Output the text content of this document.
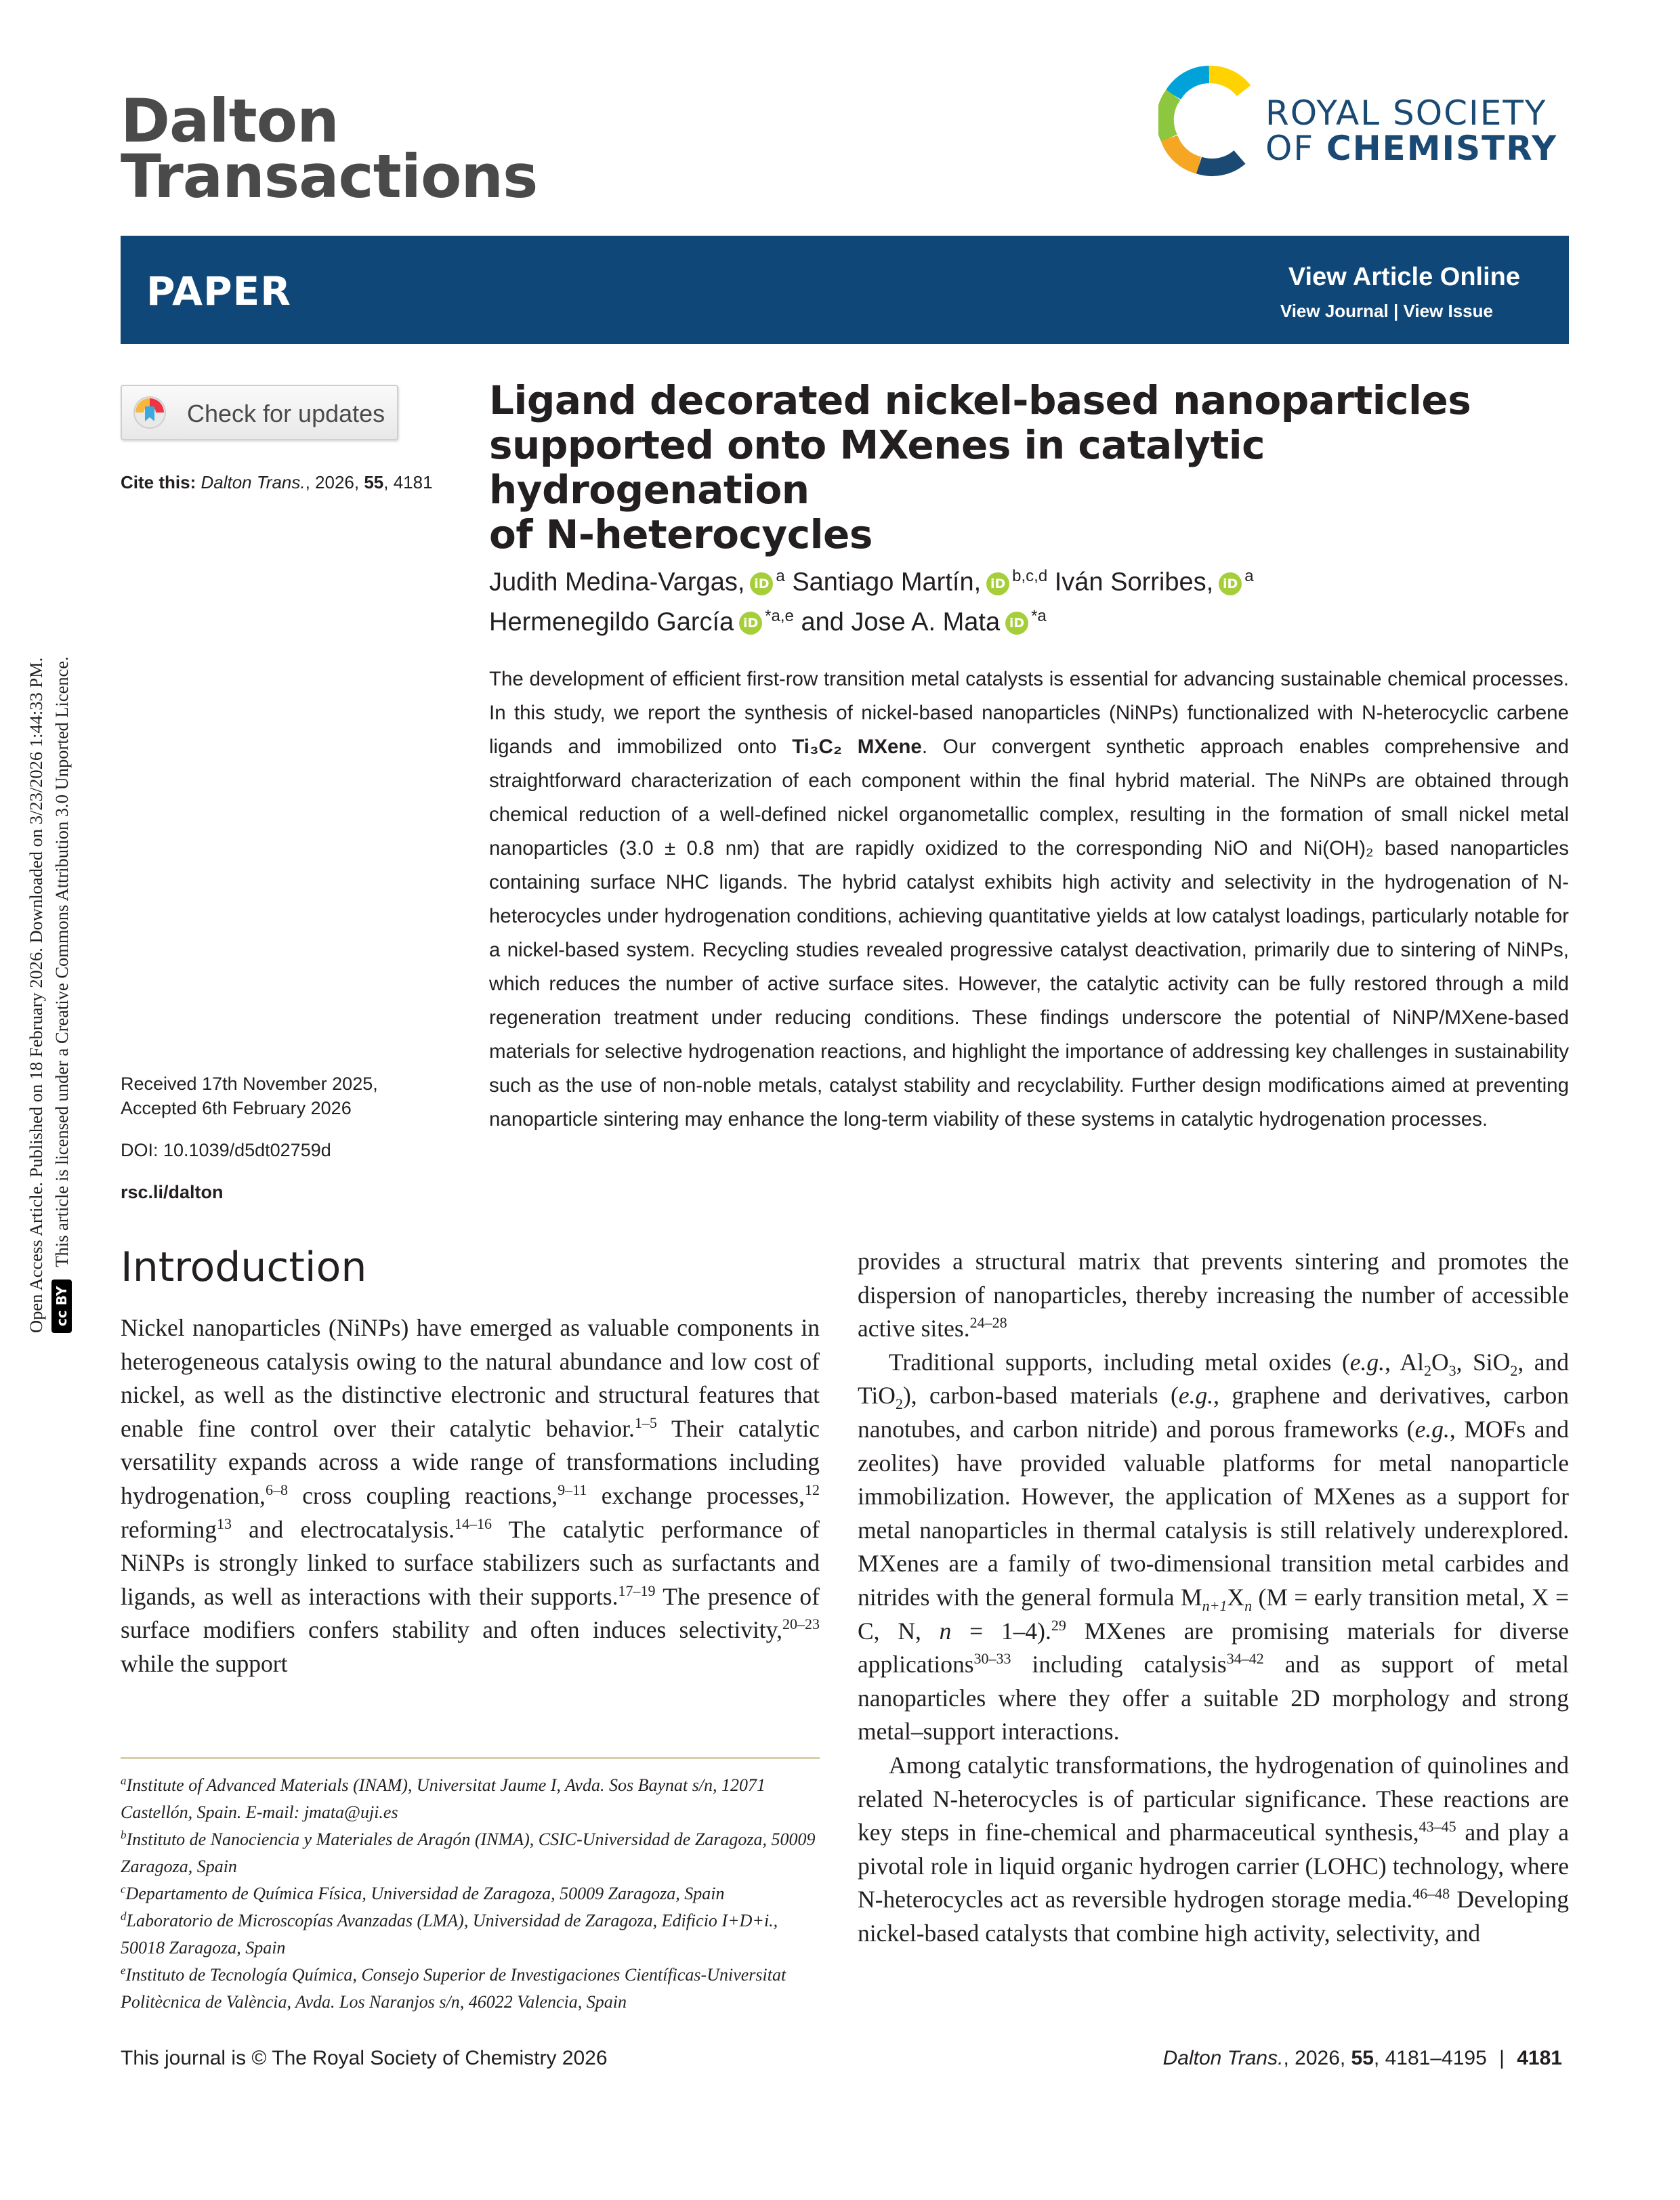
Dalton
Transactions
ROYAL SOCIETY
OF CHEMISTRY
PAPER	View Article Online
View Journal | View Issue
Check for updates
Cite this: Dalton Trans., 2026, 55, 4181
Ligand decorated nickel-based nanoparticles
supported onto MXenes in catalytic hydrogenation
of N-heterocycles
Judith Medina-Vargas, iD $^a$ Santiago Martín, iD $^{b,c,d}$ Iván Sorribes, iD $^a$
Hermenegildo García iD $^{*a,e}$ and Jose A. Mata iD $^{*a}$
The development of efficient first-row transition metal catalysts is essential for advancing sustainable chemical processes. In this study, we report the synthesis of nickel-based nanoparticles (NiNPs) functionalized with N-heterocyclic carbene ligands and immobilized onto Ti₃C₂ MXene. Our convergent synthetic approach enables comprehensive and straightforward characterization of each component within the final hybrid material. The NiNPs are obtained through chemical reduction of a well-defined nickel organometallic complex, resulting in the formation of small nickel metal nanoparticles (3.0 ± 0.8 nm) that are rapidly oxidized to the corresponding NiO and Ni(OH)₂ based nanoparticles containing surface NHC ligands. The hybrid catalyst exhibits high activity and selectivity in the hydrogenation of N-heterocycles under hydrogenation conditions, achieving quantitative yields at low catalyst loadings, particularly notable for a nickel-based system. Recycling studies revealed progressive catalyst deactivation, primarily due to sintering of NiNPs, which reduces the number of active surface sites. However, the catalytic activity can be fully restored through a mild regeneration treatment under reducing conditions. These findings underscore the potential of NiNP/MXene-based materials for selective hydrogenation reactions, and highlight the importance of addressing key challenges in sustainability such as the use of non-noble metals, catalyst stability and recyclability. Further design modifications aimed at preventing nanoparticle sintering may enhance the long-term viability of these systems in catalytic hydrogenation processes.
Received 17th November 2025,
Accepted 6th February 2026
DOI: 10.1039/d5dt02759d
rsc.li/dalton
Open Access Article. Published on 18 February 2026. Downloaded on 3/23/2026 1:44:33 PM. cc BYThis article is licensed under a Creative Commons Attribution 3.0 Unported Licence.
Introduction

Nickel nanoparticles (NiNPs) have emerged as valuable components in heterogeneous catalysis owing to the natural abundance and low cost of nickel, as well as the distinctive electronic and structural features that enable fine control over their catalytic behavior.$^{1-5}$ Their catalytic versatility expands across a wide range of transformations including hydrogenation,$^{6-8}$ cross coupling reactions,$^{9-11}$ exchange processes,$^{12}$ reforming$^{13}$ and electrocatalysis.$^{14-16}$ The catalytic performance of NiNPs is strongly linked to surface stabilizers such as surfactants and ligands, as well as interactions with their supports.$^{17-19}$ The presence of surface modifiers confers stability and often induces selectivity,$^{20-23}$ while the support

$^a$Institute of Advanced Materials (INAM), Universitat Jaume I, Avda. Sos Baynat s/n, 12071 Castellón, Spain. E-mail: jmata@uji.es
$^b$Instituto de Nanociencia y Materiales de Aragón (INMA), CSIC-Universidad de Zaragoza, 50009 Zaragoza, Spain
$^c$Departamento de Química Física, Universidad de Zaragoza, 50009 Zaragoza, Spain
$^d$Laboratorio de Microscopías Avanzadas (LMA), Universidad de Zaragoza, Edificio I+D+i., 50018 Zaragoza, Spain
$^e$Instituto de Tecnología Química, Consejo Superior de Investigaciones Científicas-Universitat Politècnica de València, Avda. Los Naranjos s/n, 46022 Valencia, Spain

provides a structural matrix that prevents sintering and promotes the dispersion of nanoparticles, thereby increasing the number of accessible active sites.$^{24-28}$

Traditional supports, including metal oxides (e.g., $Al_2O_3$, SiO$_2$, and TiO$_2$), carbon-based materials (e.g., graphene and derivatives, carbon nanotubes, and carbon nitride) and porous frameworks (e.g., MOFs and zeolites) have provided valuable platforms for metal nanoparticle immobilization. However, the application of MXenes as a support for metal nanoparticles in thermal catalysis is still relatively underexplored. MXenes are a family of two-dimensional transition metal carbides and nitrides with the general formula $M_{n+1}X_n$ (M = early transition metal, X = C, N, n = 1–4).$^{29}$ MXenes are promising materials for diverse applications$^{30-33}$ including catalysis$^{34-42}$ and as support of metal nanoparticles where they offer a suitable 2D morphology and strong metal–support interactions.

Among catalytic transformations, the hydrogenation of quinolines and related N-heterocycles is of particular significance. These reactions are key steps in fine-chemical and pharmaceutical synthesis,$^{43-45}$ and play a pivotal role in liquid organic hydrogen carrier (LOHC) technology, where N-heterocycles act as reversible hydrogen storage media.$^{46-48}$ Developing nickel-based catalysts that combine high activity, selectivity, and

This journal is © The Royal Society of Chemistry 2026	Dalton Trans., 2026, 55, 4181–4195 | 4181
